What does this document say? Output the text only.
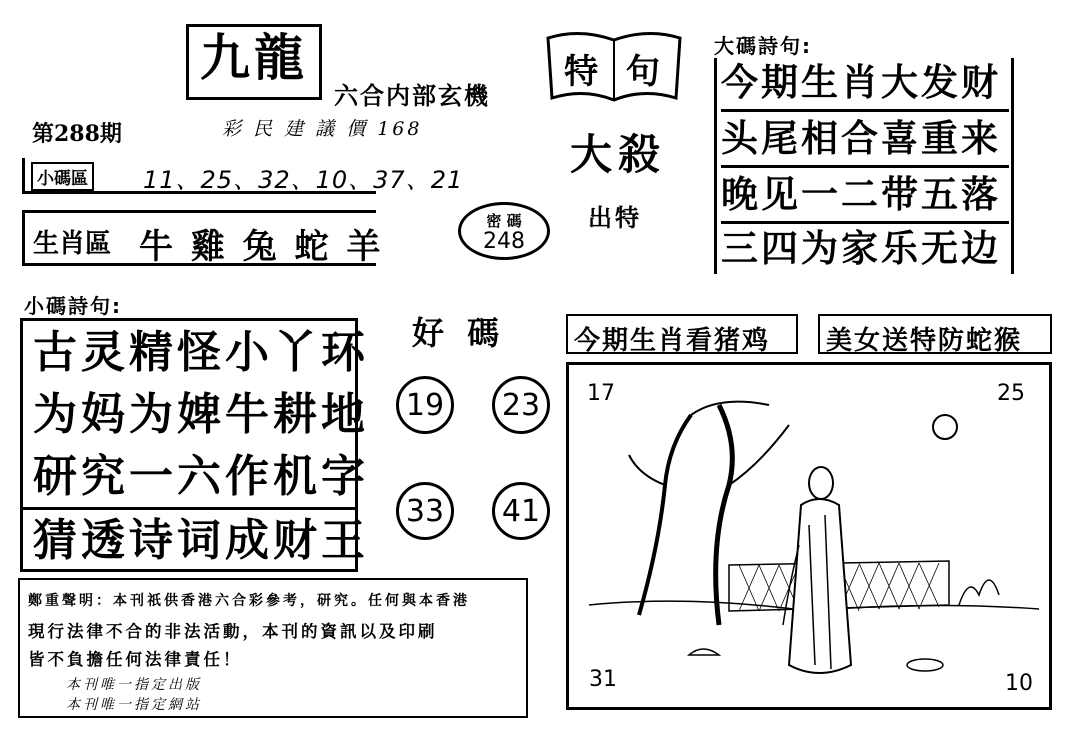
九龍
六合内部玄機
彩 民 建 議 價 168
第288期
小碼區 11、25、32、10、37、21
生肖區 牛 雞 兔 蛇 羊
密 碼
248
特 句
大殺
出特
大碼詩句:
今期生肖大发财
头尾相合喜重来
晚见一二带五落
三四为家乐无边
小碼詩句:
古灵精怪小丫环
为妈为婢牛耕地
研究一六作机字
猜透诗词成财王
好 碼
19	23
33	41
今期生肖看猪鸡	美女送特防蛇猴
17	25
31	10
鄭重聲明：本刊祇供香港六合彩參考，研究。任何與本香港
現行法律不合的非法活動，本刊的資訊以及印刷
皆不負擔任何法律責任！
本刊唯一指定出版
本刊唯一指定網站
